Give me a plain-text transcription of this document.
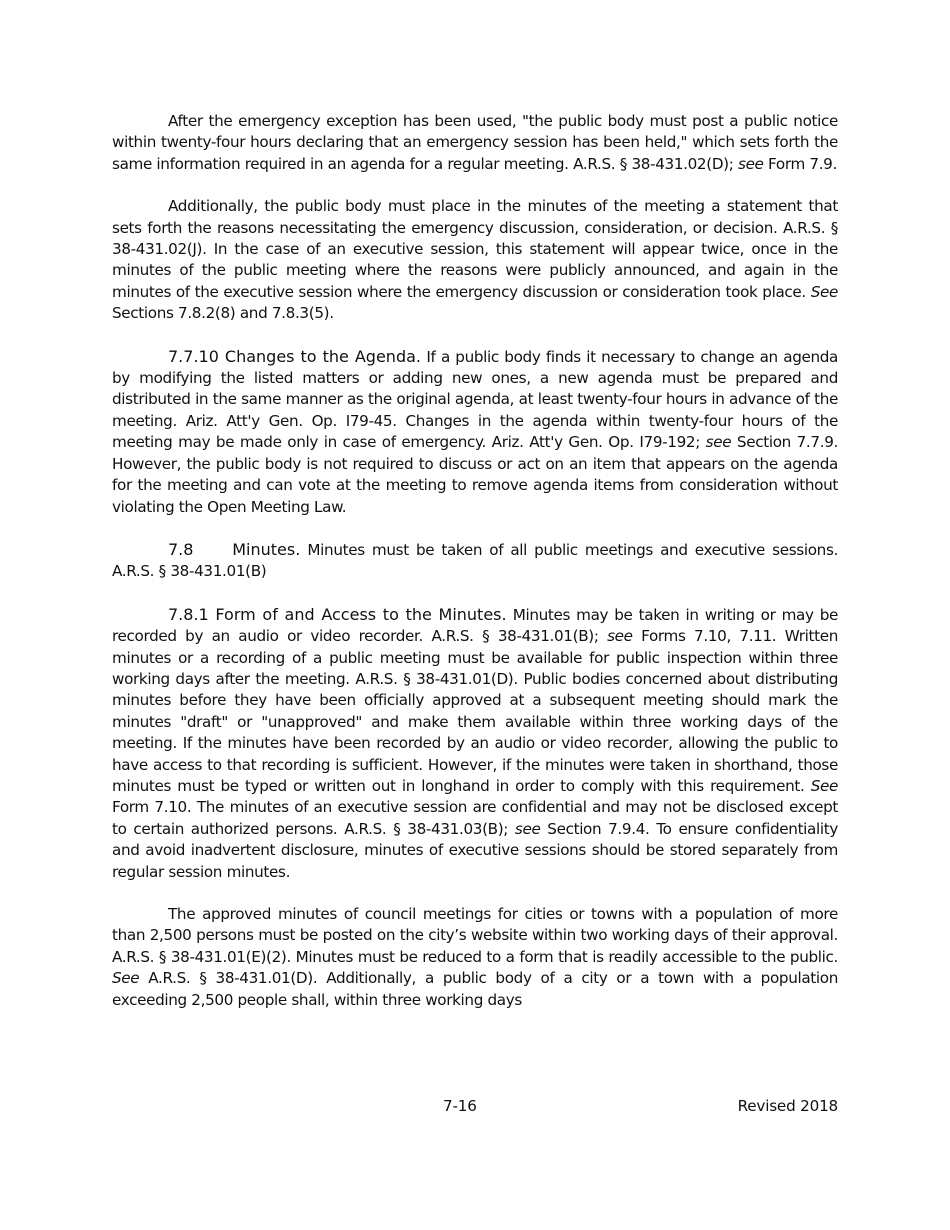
After the emergency exception has been used, "the public body must post a public notice within twenty-four hours declaring that an emergency session has been held," which sets forth the same information required in an agenda for a regular meeting. A.R.S. § 38-431.02(D); see Form 7.9.

Additionally, the public body must place in the minutes of the meeting a statement that sets forth the reasons necessitating the emergency discussion, consideration, or decision. A.R.S. § 38-431.02(J). In the case of an executive session, this statement will appear twice, once in the minutes of the public meeting where the reasons were publicly announced, and again in the minutes of the executive session where the emergency discussion or consideration took place. See Sections 7.8.2(8) and 7.8.3(5).

7.7.10 Changes to the Agenda. If a public body finds it necessary to change an agenda by modifying the listed matters or adding new ones, a new agenda must be prepared and distributed in the same manner as the original agenda, at least twenty-four hours in advance of the meeting. Ariz. Att'y Gen. Op. I79-45. Changes in the agenda within twenty-four hours of the meeting may be made only in case of emergency. Ariz. Att'y Gen. Op. I79-192; see Section 7.7.9. However, the public body is not required to discuss or act on an item that appears on the agenda for the meeting and can vote at the meeting to remove agenda items from consideration without violating the Open Meeting Law.

7.8     Minutes. Minutes must be taken of all public meetings and executive sessions. A.R.S. § 38-431.01(B)

7.8.1 Form of and Access to the Minutes. Minutes may be taken in writing or may be recorded by an audio or video recorder. A.R.S. § 38-431.01(B); see Forms 7.10, 7.11. Written minutes or a recording of a public meeting must be available for public inspection within three working days after the meeting. A.R.S. § 38-431.01(D). Public bodies concerned about distributing minutes before they have been officially approved at a subsequent meeting should mark the minutes "draft" or "unapproved" and make them available within three working days of the meeting. If the minutes have been recorded by an audio or video recorder, allowing the public to have access to that recording is sufficient. However, if the minutes were taken in shorthand, those minutes must be typed or written out in longhand in order to comply with this requirement. See Form 7.10. The minutes of an executive session are confidential and may not be disclosed except to certain authorized persons. A.R.S. § 38-431.03(B); see Section 7.9.4. To ensure confidentiality and avoid inadvertent disclosure, minutes of executive sessions should be stored separately from regular session minutes.

The approved minutes of council meetings for cities or towns with a population of more than 2,500 persons must be posted on the city’s website within two working days of their approval. A.R.S. § 38-431.01(E)(2). Minutes must be reduced to a form that is readily accessible to the public. See A.R.S. § 38-431.01(D). Additionally, a public body of a city or a town with a population exceeding 2,500 people shall, within three working days

7-16	Revised 2018
